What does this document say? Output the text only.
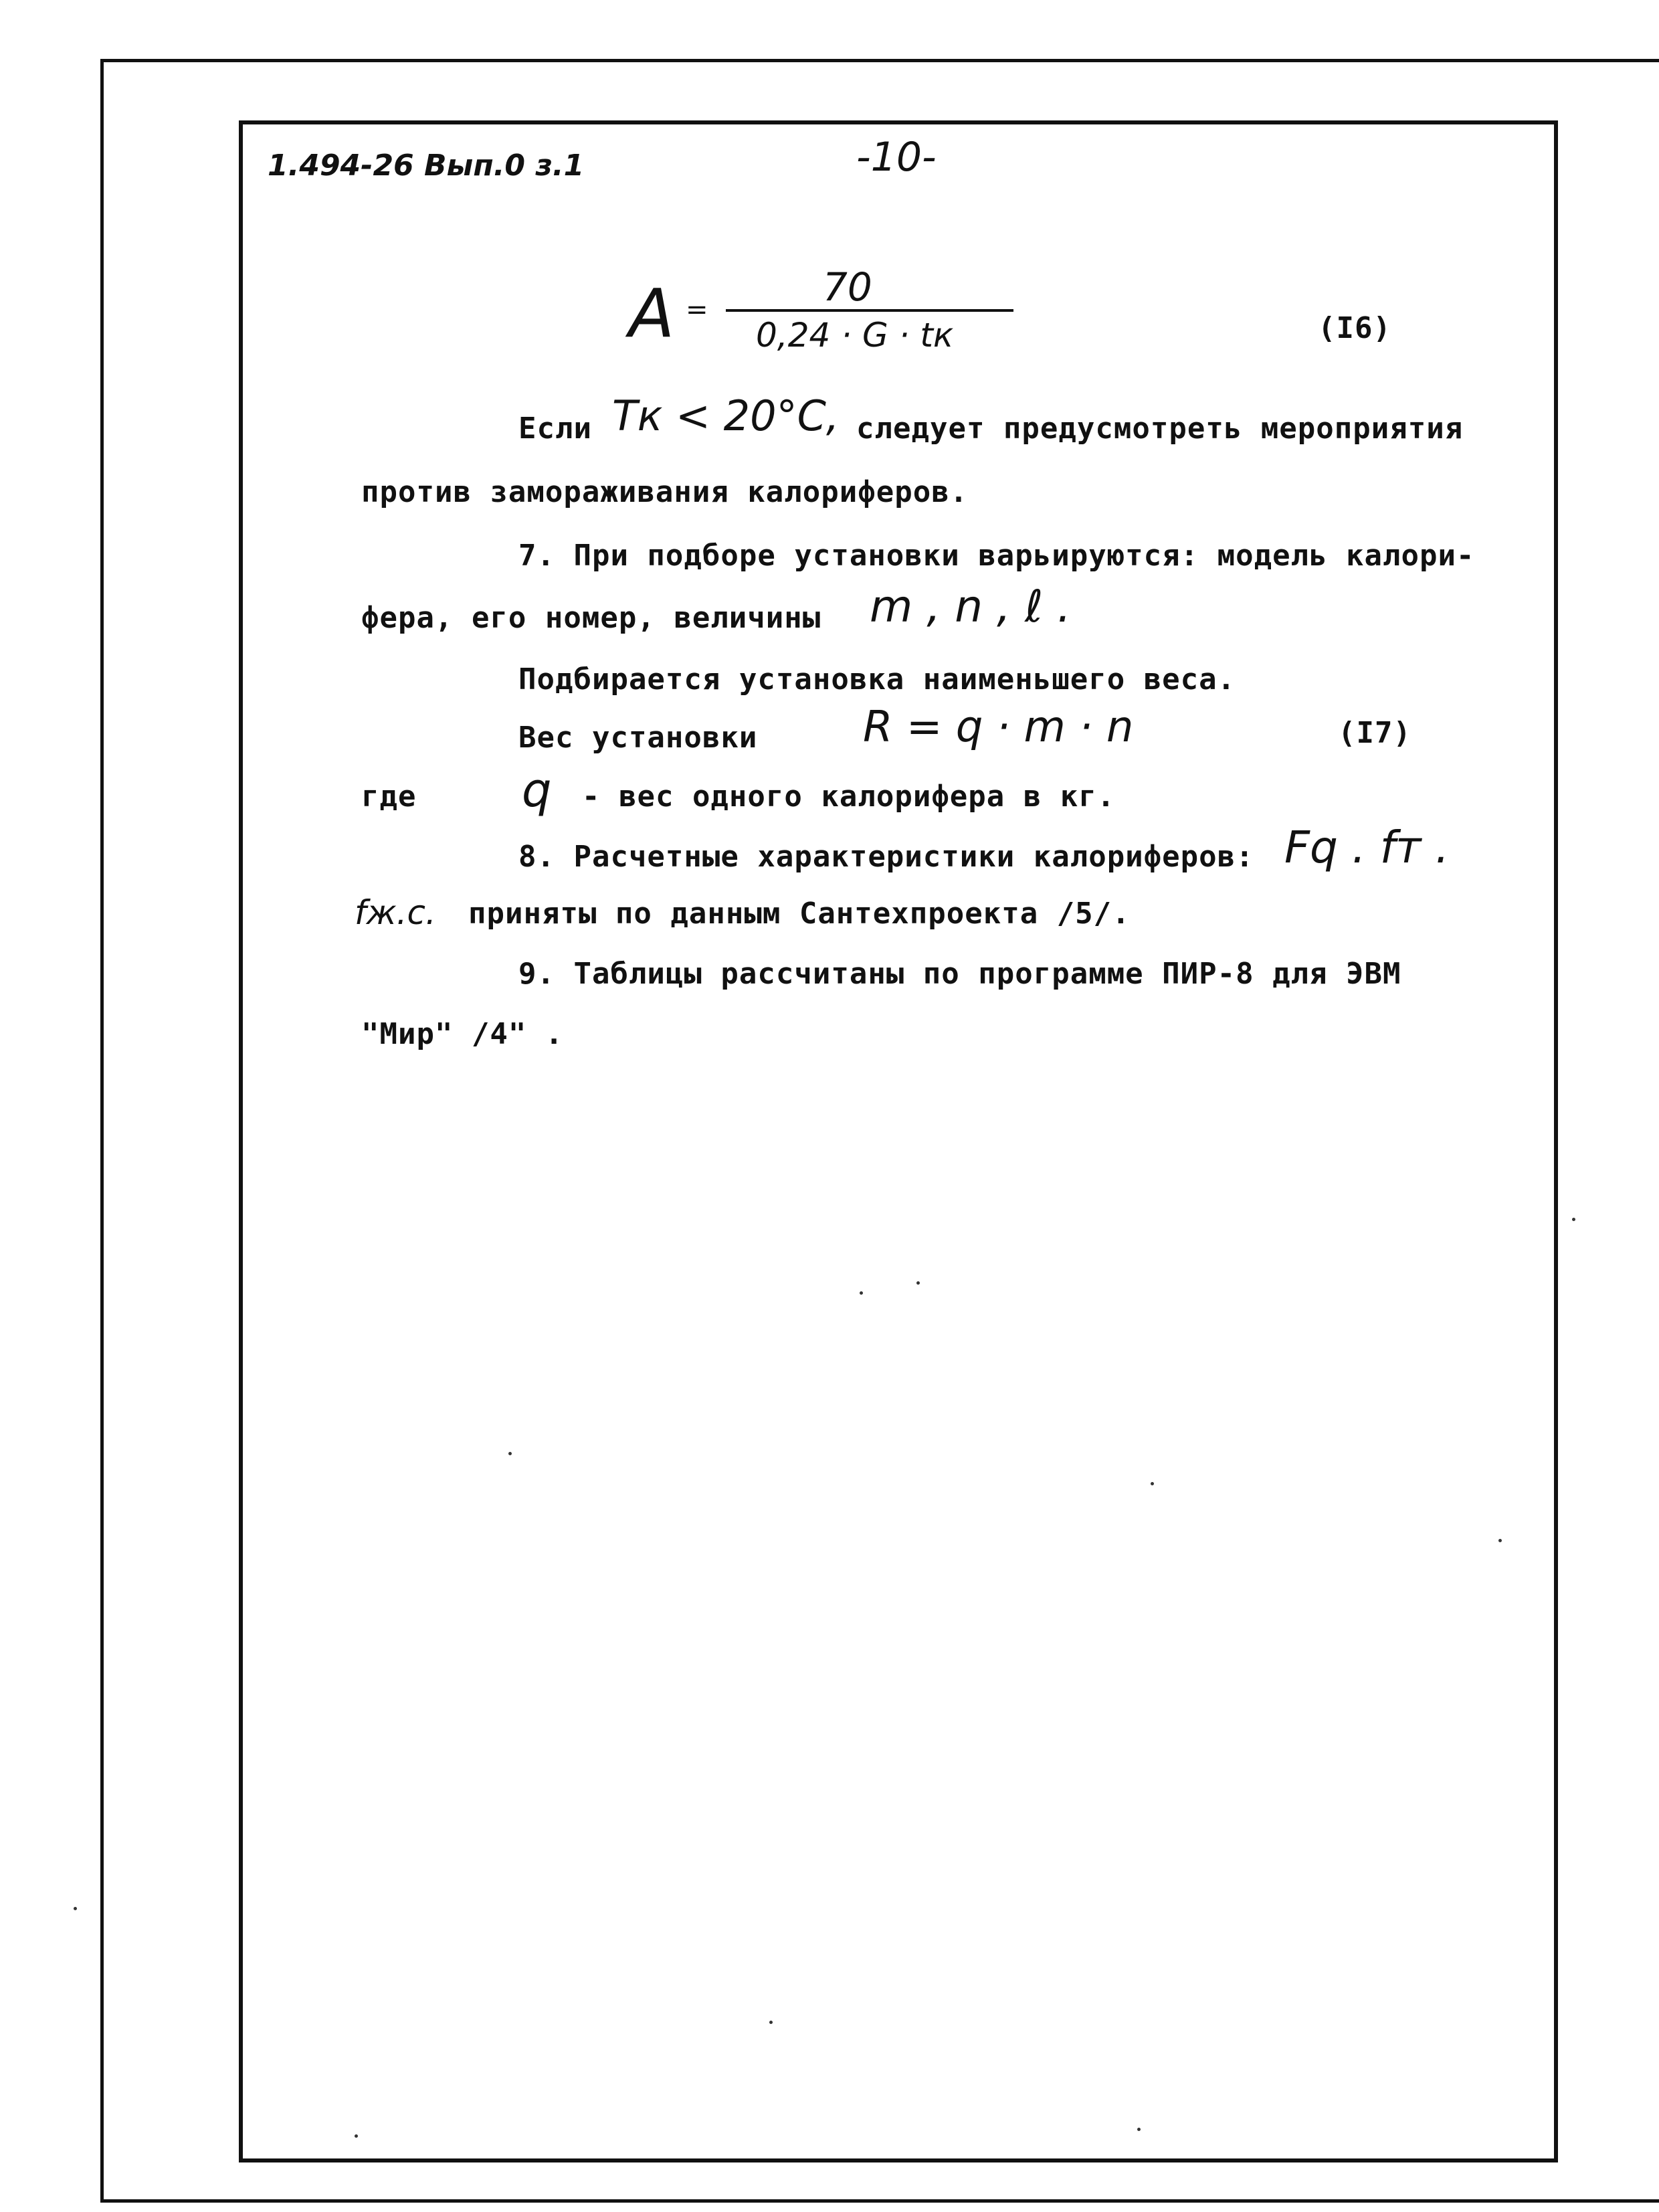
1.494-26 Вып.0 з.1	-10-
A =	70
0,24 · G · tк	(I6)
Если Tк < 20°C, следует предусмотреть мероприятия
против замораживания калориферов.
7. При подборе установки варьируются: модель калори-
фера, его номер, величины m , n , ℓ .
Подбирается установка наименьшего веса.
Вес установки R = q · m · n	(I7)
где q - вес одного калорифера в кг.
8. Расчетные характеристики калориферов: Fq . fт .
fж.с. приняты по данным Сантехпроекта /5/.
9. Таблицы рассчитаны по программе ПИР-8 для ЭВМ
"Мир" /4" .
